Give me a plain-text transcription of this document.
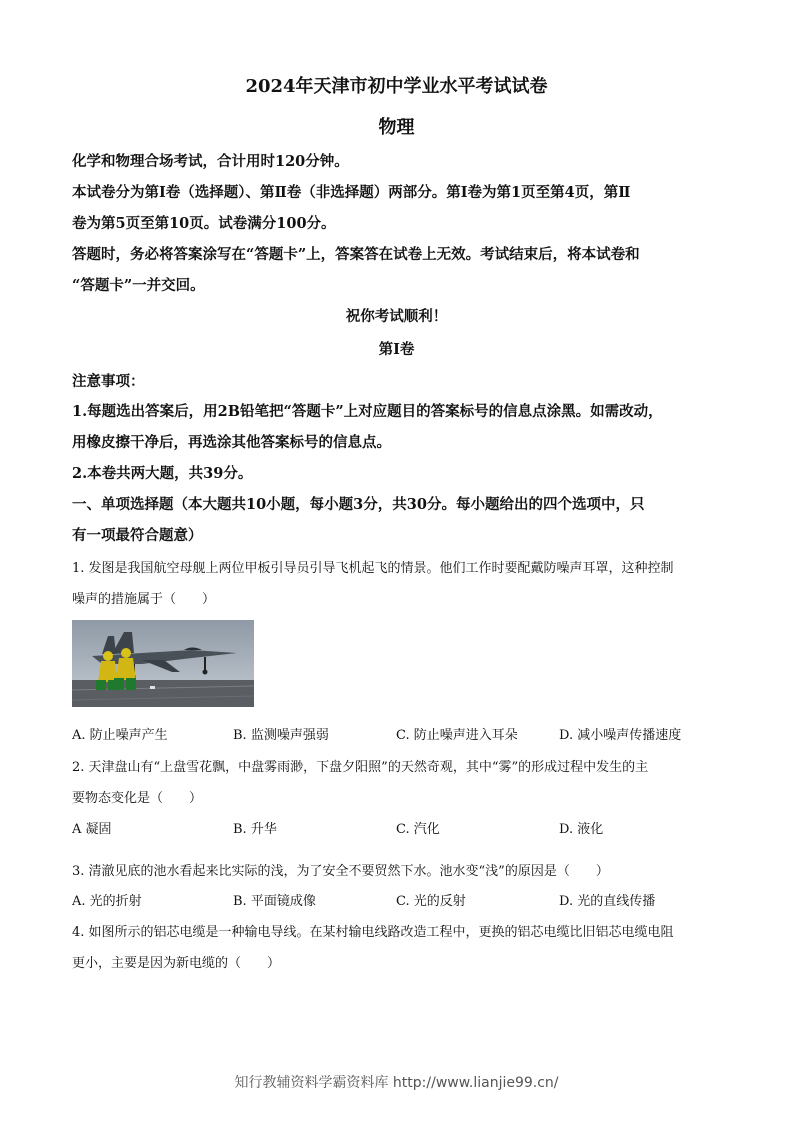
2024年天津市初中学业水平考试试卷
物理
化学和物理合场考试，合计用时120分钟。
本试卷分为第Ⅰ卷（选择题）、第Ⅱ卷（非选择题）两部分。第Ⅰ卷为第1页至第4页，第Ⅱ
卷为第5页至第10页。试卷满分100分。
答题时，务必将答案涂写在“答题卡”上，答案答在试卷上无效。考试结束后，将本试卷和
“答题卡”一并交回。
祝你考试顺利！
第Ⅰ卷
注意事项：
1.每题选出答案后，用2B铅笔把“答题卡”上对应题目的答案标号的信息点涂黑。如需改动，
用橡皮擦干净后，再选涂其他答案标号的信息点。
2.本卷共两大题，共39分。
一、单项选择题（本大题共10小题，每小题3分，共30分。每小题给出的四个选项中，只
有一项最符合题意）
1. 发图是我国航空母舰上两位甲板引导员引导飞机起飞的情景。他们工作时要配戴防噪声耳罩，这种控制
噪声的措施属于（　　）
A. 防止噪声产生	B. 监测噪声强弱	C. 防止噪声进入耳朵	D. 减小噪声传播速度
2. 天津盘山有“上盘雪花飘，中盘雾雨渺，下盘夕阳照”的天然奇观，其中“雾”的形成过程中发生的主
要物态变化是（　　）
A 凝固	B. 升华	C. 汽化	D. 液化
3. 清澈见底的池水看起来比实际的浅，为了安全不要贸然下水。池水变“浅”的原因是（　　）
A. 光的折射	B. 平面镜成像	C. 光的反射	D. 光的直线传播
4. 如图所示的铝芯电缆是一种输电导线。在某村输电线路改造工程中，更换的铝芯电缆比旧铝芯电缆电阻
更小，主要是因为新电缆的（　　）
知行教辅资料学霸资料库 http://www.lianjie99.cn/
